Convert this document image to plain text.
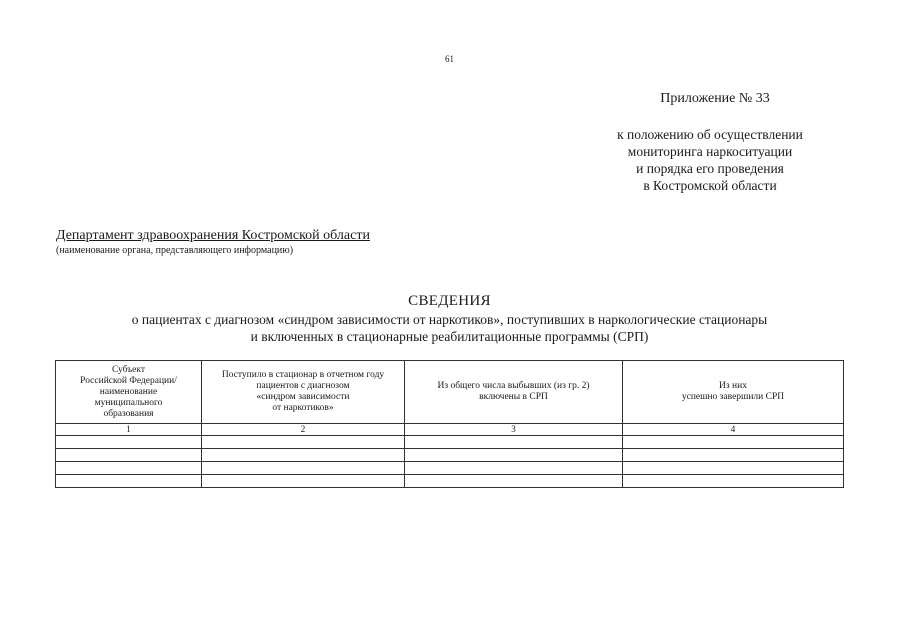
61
Приложение № 33
к положению об осуществлении
мониторинга наркоситуации
и порядка его проведения
в Костромской области
Департамент здравоохранения Костромской области
(наименование органа, представляющего информацию)
СВЕДЕНИЯ
о пациентах с диагнозом «синдром зависимости от наркотиков», поступивших в наркологические стационары
и включенных в стационарные реабилитационные программы (СРП)
Субъект
Российской Федерации/
наименование
муниципального
образования	Поступило в стационар в отчетном году
пациентов с диагнозом
«синдром зависимости
от наркотиков»	Из общего числа выбывших (из гр. 2)
включены в СРП	Из них
успешно завершили СРП

1	2	3	4
